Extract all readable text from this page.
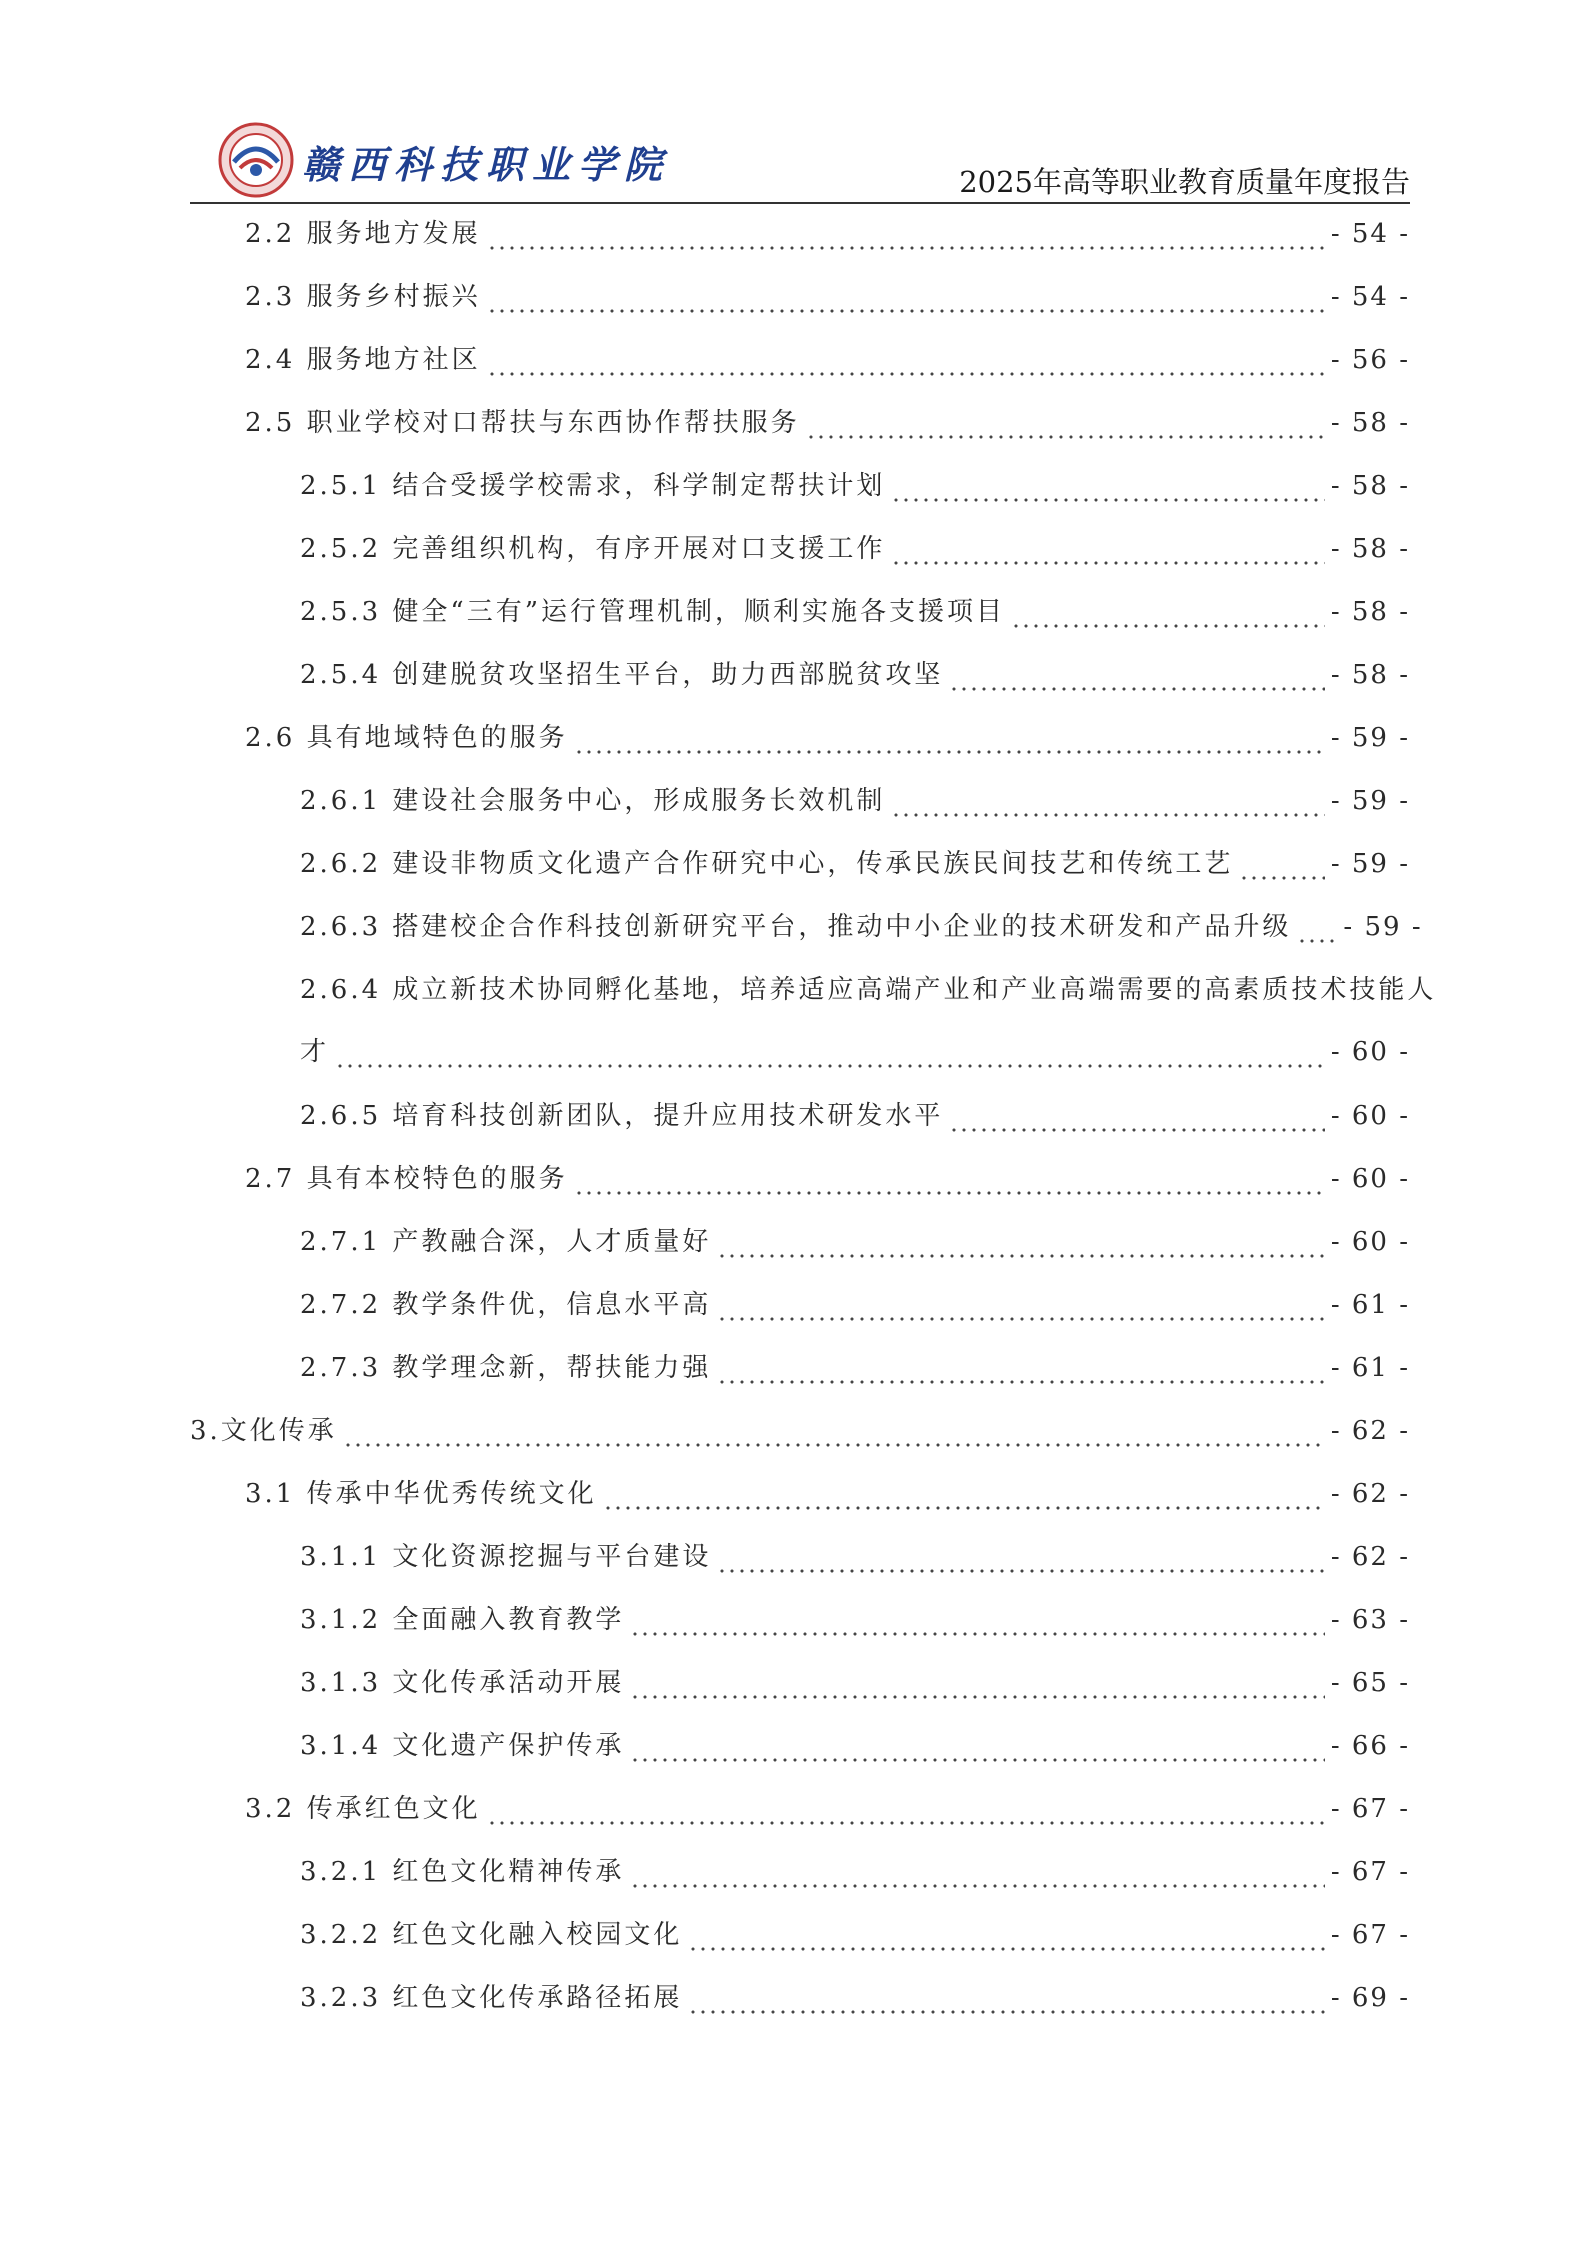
赣西科技职业学院	2025年高等职业教育质量年度报告
2.2 服务地方发展	- 54 -
2.3 服务乡村振兴	- 54 -
2.4 服务地方社区	- 56 -
2.5 职业学校对口帮扶与东西协作帮扶服务	- 58 -
2.5.1 结合受援学校需求，科学制定帮扶计划	- 58 -
2.5.2 完善组织机构，有序开展对口支援工作	- 58 -
2.5.3 健全“三有”运行管理机制，顺利实施各支援项目	- 58 -
2.5.4 创建脱贫攻坚招生平台，助力西部脱贫攻坚	- 58 -
2.6 具有地域特色的服务	- 59 -
2.6.1 建设社会服务中心，形成服务长效机制	- 59 -
2.6.2 建设非物质文化遗产合作研究中心，传承民族民间技艺和传统工艺	- 59 -
2.6.3 搭建校企合作科技创新研究平台，推动中小企业的技术研发和产品升级 - 59 -
2.6.4 成立新技术协同孵化基地，培养适应高端产业和产业高端需要的高素质技术技能人
才	- 60 -
2.6.5 培育科技创新团队，提升应用技术研发水平	- 60 -
2.7 具有本校特色的服务	- 60 -
2.7.1 产教融合深，人才质量好	- 60 -
2.7.2 教学条件优，信息水平高	- 61 -
2.7.3 教学理念新，帮扶能力强	- 61 -
3.文化传承	- 62 -
3.1 传承中华优秀传统文化	- 62 -
3.1.1 文化资源挖掘与平台建设	- 62 -
3.1.2 全面融入教育教学	- 63 -
3.1.3 文化传承活动开展	- 65 -
3.1.4 文化遗产保护传承	- 66 -
3.2 传承红色文化	- 67 -
3.2.1 红色文化精神传承	- 67 -
3.2.2 红色文化融入校园文化	- 67 -
3.2.3 红色文化传承路径拓展	- 69 -
